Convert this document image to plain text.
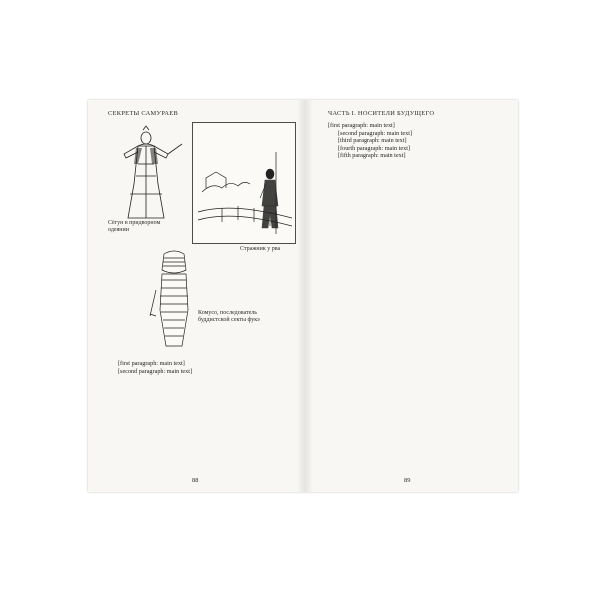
СЕКРЕТЫ САМУРАЕВ
Сёгун в придворном одеянии
Стражник у рва
Комусо, последователь буддистской секты фукэ

[first paragraph: main text]

[second paragraph: main text]

88
ЧАСТЬ I. НОСИТЕЛИ БУДУЩЕГО

[first paragraph: main text]

[second paragraph: main text]

[third paragraph: main text]

[fourth paragraph: main text]

[fifth paragraph: main text]

89
